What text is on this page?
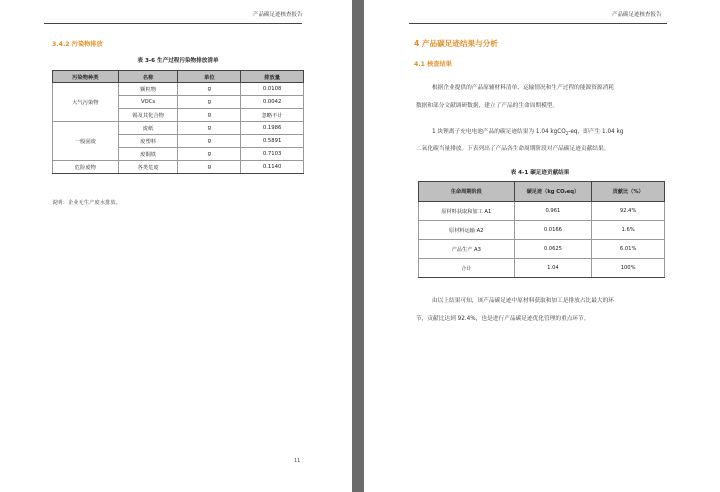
产品碳足迹核查报告
3.4.2 污染物排放
表 3-6 生产过程污染物排放清单
污染物种类	名称	单位	排放量
大气污染物	颗粒物	g	0.0108
	VOCs	g	0.0042
	锡及其化合物	g	忽略不计
一般固废	废纸	g	0.1986
	废塑料	g	0.5891
	废铜铁	g	0.7103
危险废物	各类危废	g	0.1140
说明：企业无生产废水排放。
11
产品碳足迹核查报告
4 产品碳足迹结果与分析
4.1 核查结果
根据企业提供的产品原辅材料清单、运输情况和生产过程的能源资源消耗
数据和部分文献调研数据，建立了产品的生命周期模型。
1 块锂离子充电电池产品的碳足迹结果为 1.04 kgCO$_2$-eq，即产生 1.04 kg
二氧化碳当量排放。下表列出了产品各生命周期阶段对产品碳足迹贡献结果。
表 4-1 碳足迹贡献结果
生命周期阶段	碳足迹（kg CO₂eq）	贡献比（%）
原材料获取和加工 A1	0.961	92.4%
原材料运输 A2	0.0166	1.6%
产品生产 A3	0.0625	6.01%
合计	1.04	100%
由以上结果可知，该产品碳足迹中原材料获取和加工是排放占比最大的环
节，贡献比达到 92.4%，也是进行产品碳足迹优化管理的重点环节。
低碳新风
